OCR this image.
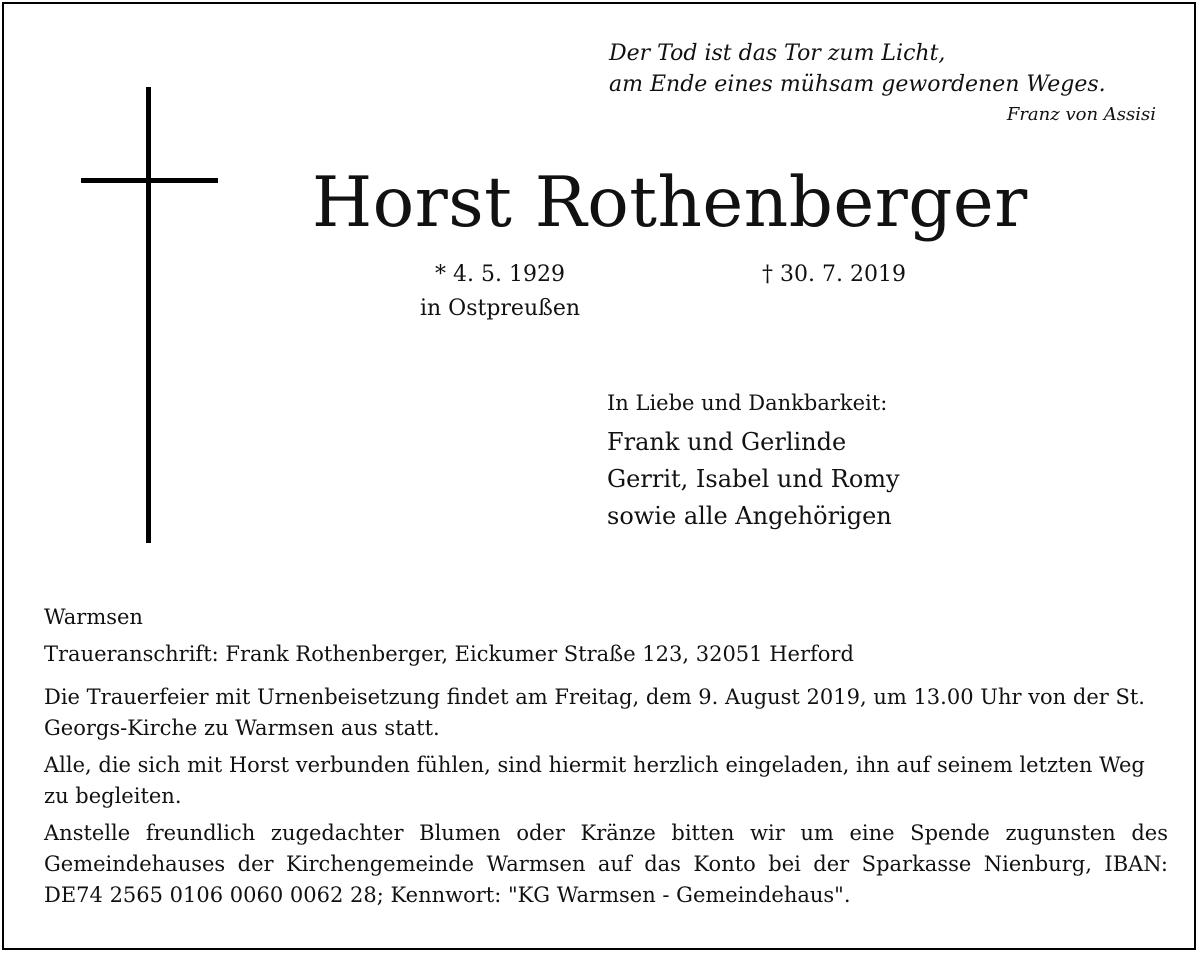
Der Tod ist das Tor zum Licht,
am Ende eines mühsam gewordenen Weges.
Franz von Assisi
Horst Rothenberger
* 4. 5. 1929
in Ostpreußen
† 30. 7. 2019
In Liebe und Dankbarkeit:
Frank und Gerlinde
Gerrit, Isabel und Romy
sowie alle Angehörigen

Warmsen

Traueranschrift: Frank Rothenberger, Eickumer Straße 123, 32051 Herford

Die Trauerfeier mit Urnenbeisetzung findet am Freitag, dem 9. August 2019, um 13.00 Uhr von der St. Georgs-Kirche zu Warmsen aus statt.

Alle, die sich mit Horst verbunden fühlen, sind hiermit herzlich eingeladen, ihn auf seinem letzten Weg zu begleiten.

Anstelle freundlich zugedachter Blumen oder Kränze bitten wir um eine Spende zugunsten des Gemeindehauses der Kirchengemeinde Warmsen auf das Konto bei der Sparkasse Nienburg, IBAN: DE74 2565 0106 0060 0062 28; Kennwort: "KG Warmsen - Gemeindehaus".
